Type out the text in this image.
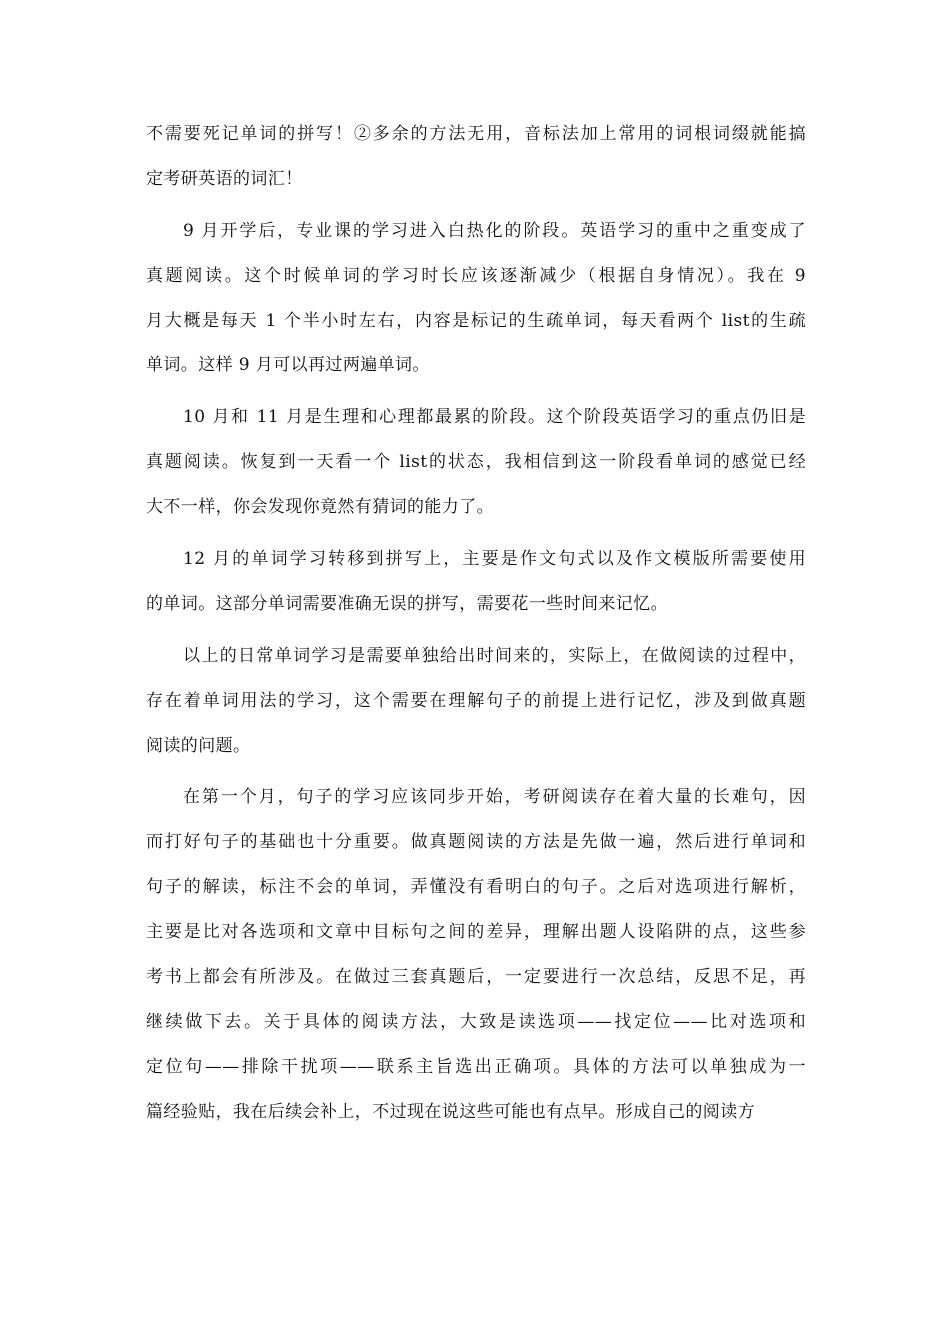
不需要死记单词的拼写！②多余的方法无用，音标法加上常用的词根词缀就能搞
定考研英语的词汇！
9 月开学后，专业课的学习进入白热化的阶段。英语学习的重中之重变成了
真题阅读。这个时候单词的学习时长应该逐渐减少（根据自身情况）。我在 9
月大概是每天 1 个半小时左右，内容是标记的生疏单词，每天看两个 list的生疏
单词。这样 9 月可以再过两遍单词。
10 月和 11 月是生理和心理都最累的阶段。这个阶段英语学习的重点仍旧是
真题阅读。恢复到一天看一个 list的状态，我相信到这一阶段看单词的感觉已经
大不一样，你会发现你竟然有猜词的能力了。
12 月的单词学习转移到拼写上，主要是作文句式以及作文模版所需要使用
的单词。这部分单词需要准确无误的拼写，需要花一些时间来记忆。
以上的日常单词学习是需要单独给出时间来的，实际上，在做阅读的过程中，
存在着单词用法的学习，这个需要在理解句子的前提上进行记忆，涉及到做真题
阅读的问题。
在第一个月，句子的学习应该同步开始，考研阅读存在着大量的长难句，因
而打好句子的基础也十分重要。做真题阅读的方法是先做一遍，然后进行单词和
句子的解读，标注不会的单词，弄懂没有看明白的句子。之后对选项进行解析，
主要是比对各选项和文章中目标句之间的差异，理解出题人设陷阱的点，这些参
考书上都会有所涉及。在做过三套真题后，一定要进行一次总结，反思不足，再
继续做下去。关于具体的阅读方法，大致是读选项——找定位——比对选项和
定位句——排除干扰项——联系主旨选出正确项。具体的方法可以单独成为一
篇经验贴，我在后续会补上，不过现在说这些可能也有点早。形成自己的阅读方
